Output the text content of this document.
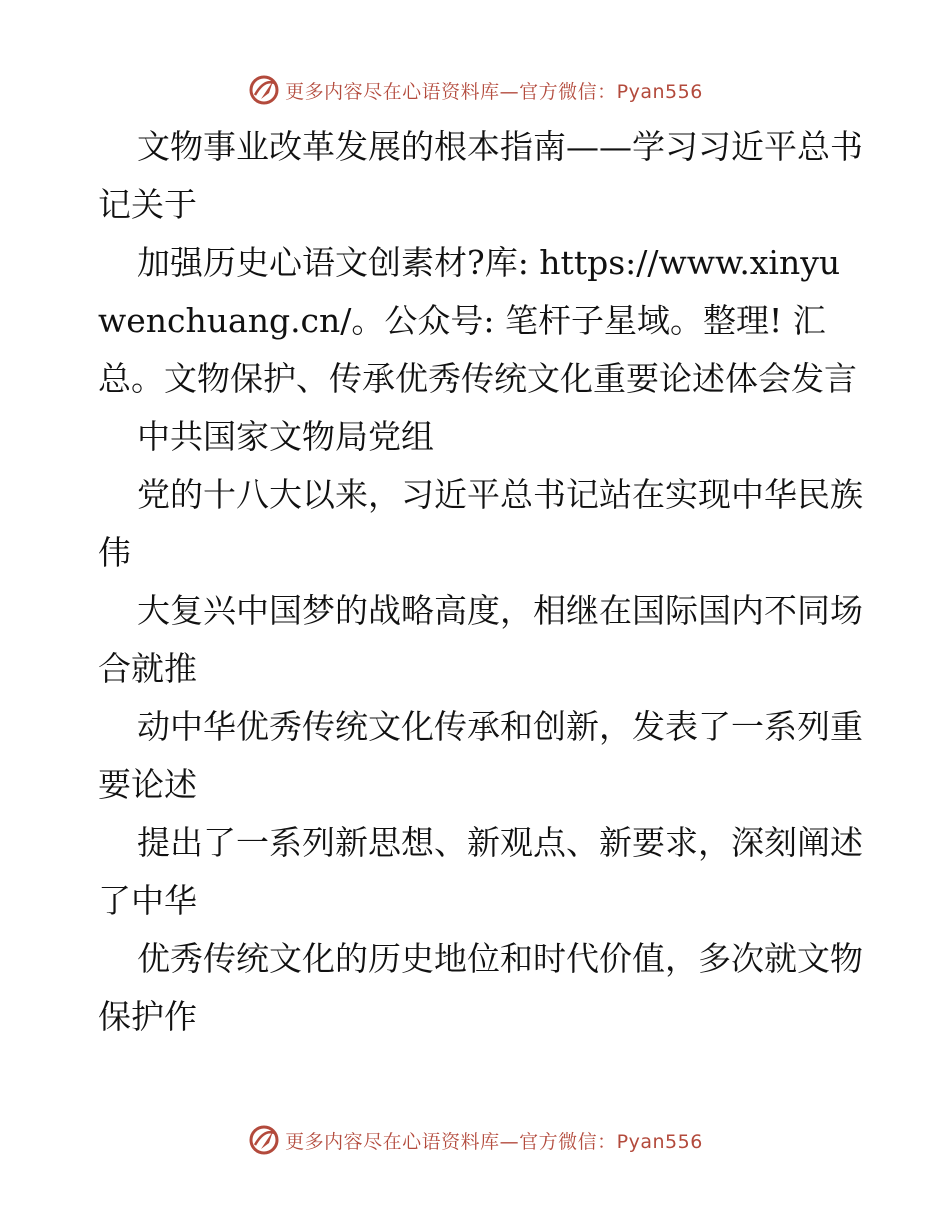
更多内容尽在心语资料库—官方微信：Pyan556

文物事业改革发展的根本指南——学习习近平总书记关于

加强历史心语文创素材?库: https://www.xinyuwenchuang.cn/。公众号: 笔杆子星域。整理! 汇总。文物保护、传承优秀传统文化重要论述体会发言

中共国家文物局党组

党的十八大以来，习近平总书记站在实现中华民族伟

大复兴中国梦的战略高度，相继在国际国内不同场合就推

动中华优秀传统文化传承和创新，发表了一系列重要论述

提出了一系列新思想、新观点、新要求，深刻阐述了中华

优秀传统文化的历史地位和时代价值，多次就文物保护作

更多内容尽在心语资料库—官方微信：Pyan556
